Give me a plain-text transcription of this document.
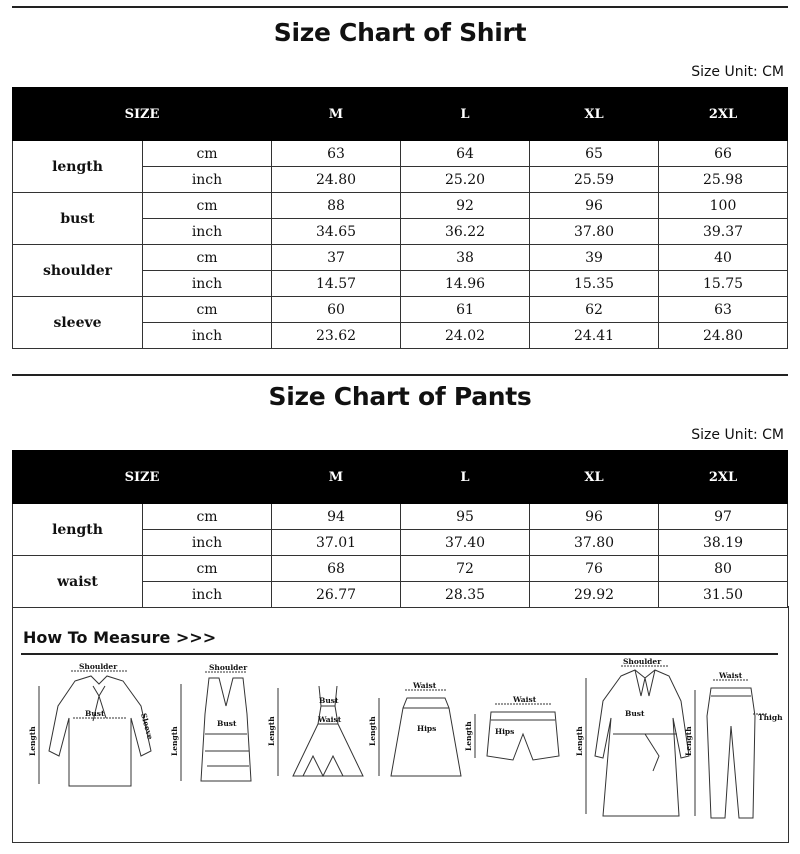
Size Chart of Shirt
Size Unit: CM
SIZE		M	L	XL	2XL
length	cm	63	64	65	66
	inch	24.80	25.20	25.59	25.98
bust	cm	88	92	96	100
	inch	34.65	36.22	37.80	39.37
shoulder	cm	37	38	39	40
	inch	14.57	14.96	15.35	15.75
sleeve	cm	60	61	62	63
	inch	23.62	24.02	24.41	24.80
Size Chart of Pants
Size Unit: CM
SIZE		M	L	XL	2XL
length	cm	94	95	96	97
	inch	37.01	37.40	37.80	38.19
waist	cm	68	72	76	80
	inch	26.77	28.35	29.92	31.50
How To Measure >>>
Shoulder
Bust	Sleeve
Length
Shoulder
Bust
Length
Bust
Waist
Length
Waist
Hips
Length
Waist
Hips
Length
Shoulder
Bust
Length
Waist
Thigh
Length
